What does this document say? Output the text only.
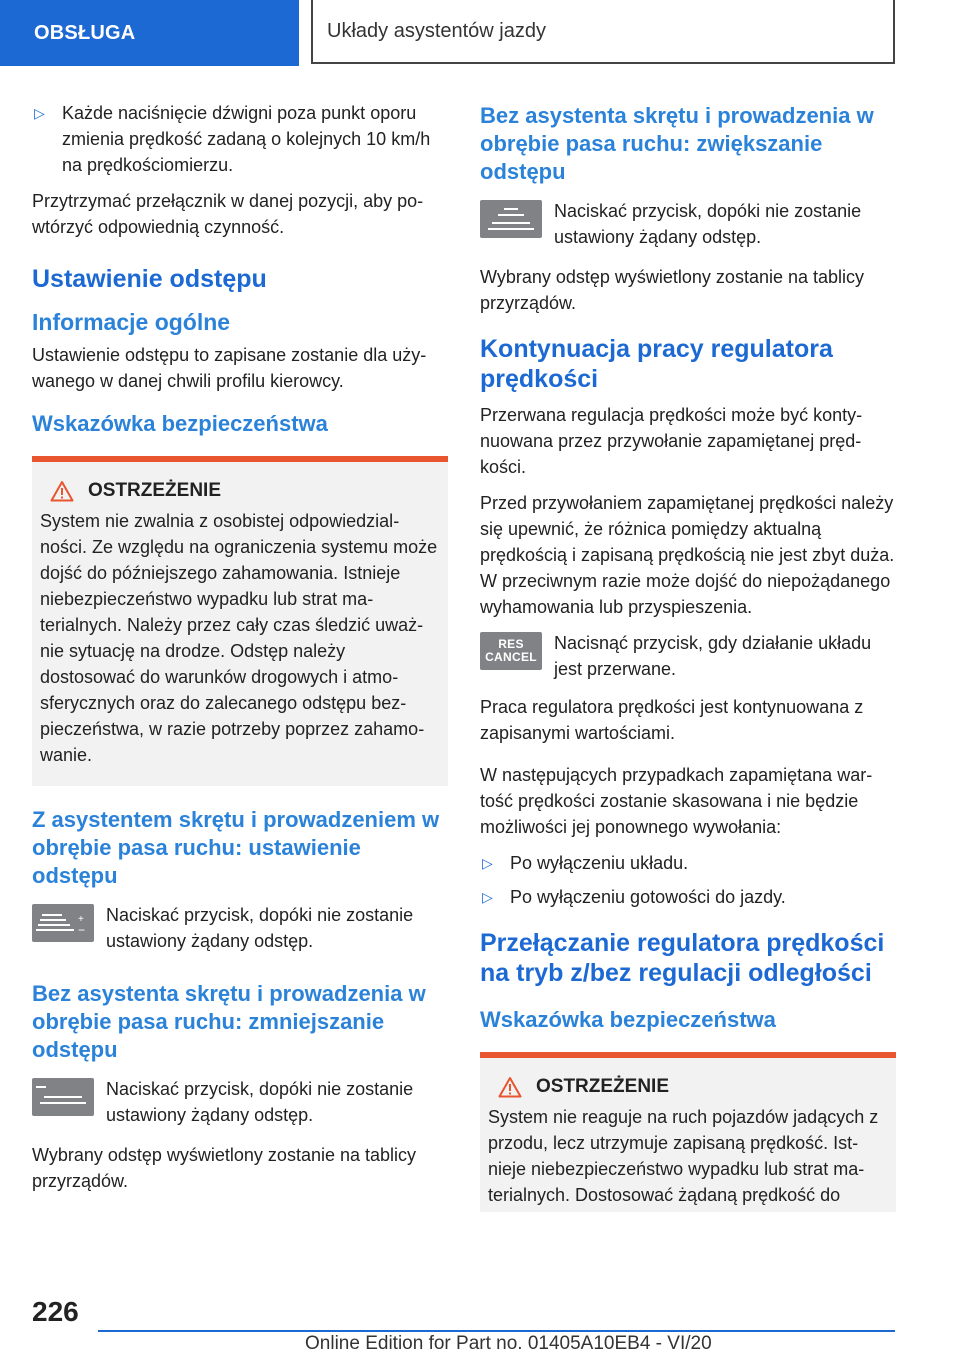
OBSŁUGA	Układy asystentów jazdy
▷ Każde naciśnięcie dźwigni poza punkt oporu zmienia prędkość zadaną o kolejnych 10 km/h na prędkościomierzu.

Przytrzymać przełącznik w danej pozycji, aby powtórzyć odpowiednią czynność.

Ustawienie odstępu
Informacje ogólne

Ustawienie odstępu to zapisane zostanie dla używanego w danej chwili profilu kierowcy.

Wskazówka bezpieczeństwa
OSTRZEŻENIE

System nie zwalnia z osobistej odpowiedzialności. Ze względu na ograniczenia systemu może dojść do późniejszego zahamowania. Istnieje niebezpieczeństwo wypadku lub strat materialnych. Należy przez cały czas śledzić uważnie sytuację na drodze. Odstęp należy dostosować do warunków drogowych i atmosferycznych oraz do zalecanego odstępu bezpieczeństwa, w razie potrzeby poprzez zahamowanie.

Z asystentem skrętu i prowadzeniem w obrębie pasa ruchu: ustawienie odstępu
+
−

Naciskać przycisk, dopóki nie zostanie ustawiony żądany odstęp.

Bez asystenta skrętu i prowadzenia w obrębie pasa ruchu: zmniejszanie odstępu

Naciskać przycisk, dopóki nie zostanie ustawiony żądany odstęp.

Wybrany odstęp wyświetlony zostanie na tablicy przyrządów.

Bez asystenta skrętu i prowadzenia w obrębie pasa ruchu: zwiększanie odstępu

Naciskać przycisk, dopóki nie zostanie ustawiony żądany odstęp.

Wybrany odstęp wyświetlony zostanie na tablicy przyrządów.

Kontynuacja pracy regulatora prędkości

Przerwana regulacja prędkości może być kontynuowana przez przywołanie zapamiętanej prędkości.

Przed przywołaniem zapamiętanej prędkości należy się upewnić, że różnica pomiędzy aktualną prędkością i zapisaną prędkością nie jest zbyt duża. W przeciwnym razie może dojść do niepożądanego wyhamowania lub przyspieszenia.

RES
CANCEL

Nacisnąć przycisk, gdy działanie układu jest przerwane.

Praca regulatora prędkości jest kontynuowana z zapisanymi wartościami.

W następujących przypadkach zapamiętana wartość prędkości zostanie skasowana i nie będzie możliwości jej ponownego wywołania:

▷ Po wyłączeniu układu.
▷ Po wyłączeniu gotowości do jazdy.
Przełączanie regulatora prędkości na tryb z/bez regulacji odległości
Wskazówka bezpieczeństwa
OSTRZEŻENIE

System nie reaguje na ruch pojazdów jadących z przodu, lecz utrzymuje zapisaną prędkość. Istnieje niebezpieczeństwo wypadku lub strat materialnych. Dostosować żądaną prędkość do

226
Online Edition for Part no. 01405A10EB4 - VI/20
